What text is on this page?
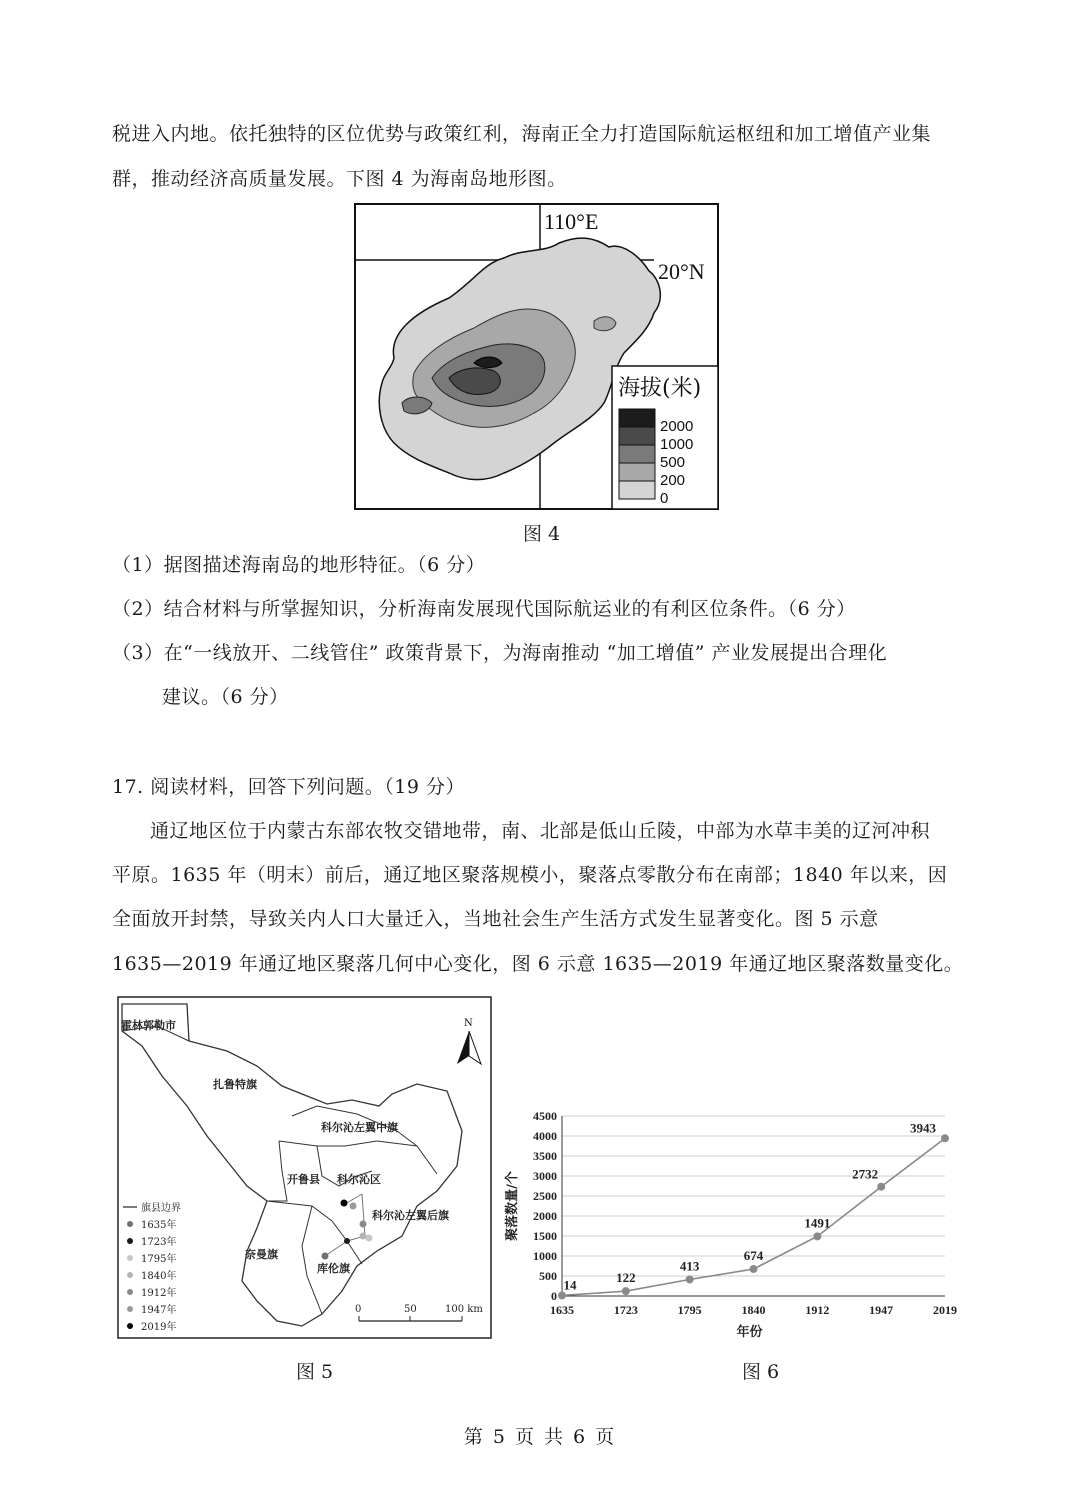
税进入内地。依托独特的区位优势与政策红利，海南正全力打造国际航运枢纽和加工增值产业集
群，推动经济高质量发展。下图 4 为海南岛地形图。
110°E
20°N
海拔(米)
2000
1000
500
200
0
图 4
（1）据图描述海南岛的地形特征。（6 分）
（2）结合材料与所掌握知识，分析海南发展现代国际航运业的有利区位条件。（6 分）
（3）在“一线放开、二线管住” 政策背景下，为海南推动 “加工增值” 产业发展提出合理化
建议。（6 分）
17. 阅读材料，回答下列问题。（19 分）
通辽地区位于内蒙古东部农牧交错地带，南、北部是低山丘陵，中部为水草丰美的辽河冲积
平原。1635 年（明末）前后，通辽地区聚落规模小，聚落点零散分布在南部；1840 年以来，因
全面放开封禁，导致关内人口大量迁入，当地社会生产生活方式发生显著变化。图 5 示意
1635—2019 年通辽地区聚落几何中心变化，图 6 示意 1635—2019 年通辽地区聚落数量变化。
霍林郭勒市
扎鲁特旗
科尔沁左翼中旗
开鲁县 科尔沁区
科尔沁左翼后旗
奈曼旗
库伦旗
N
旗县边界
1635年
1723年
1795年
1840年
1912年
1947年
2019年
0	50	100 km
图 5
0
500
1000
1500
2000
2500
3000
3500
4000
4500
1635	1723	1795	1840	1912	1947	2019
14	122
413
674
1491
2732
3943
聚落数量/个
年份
图 6
第 5 页 共 6 页
